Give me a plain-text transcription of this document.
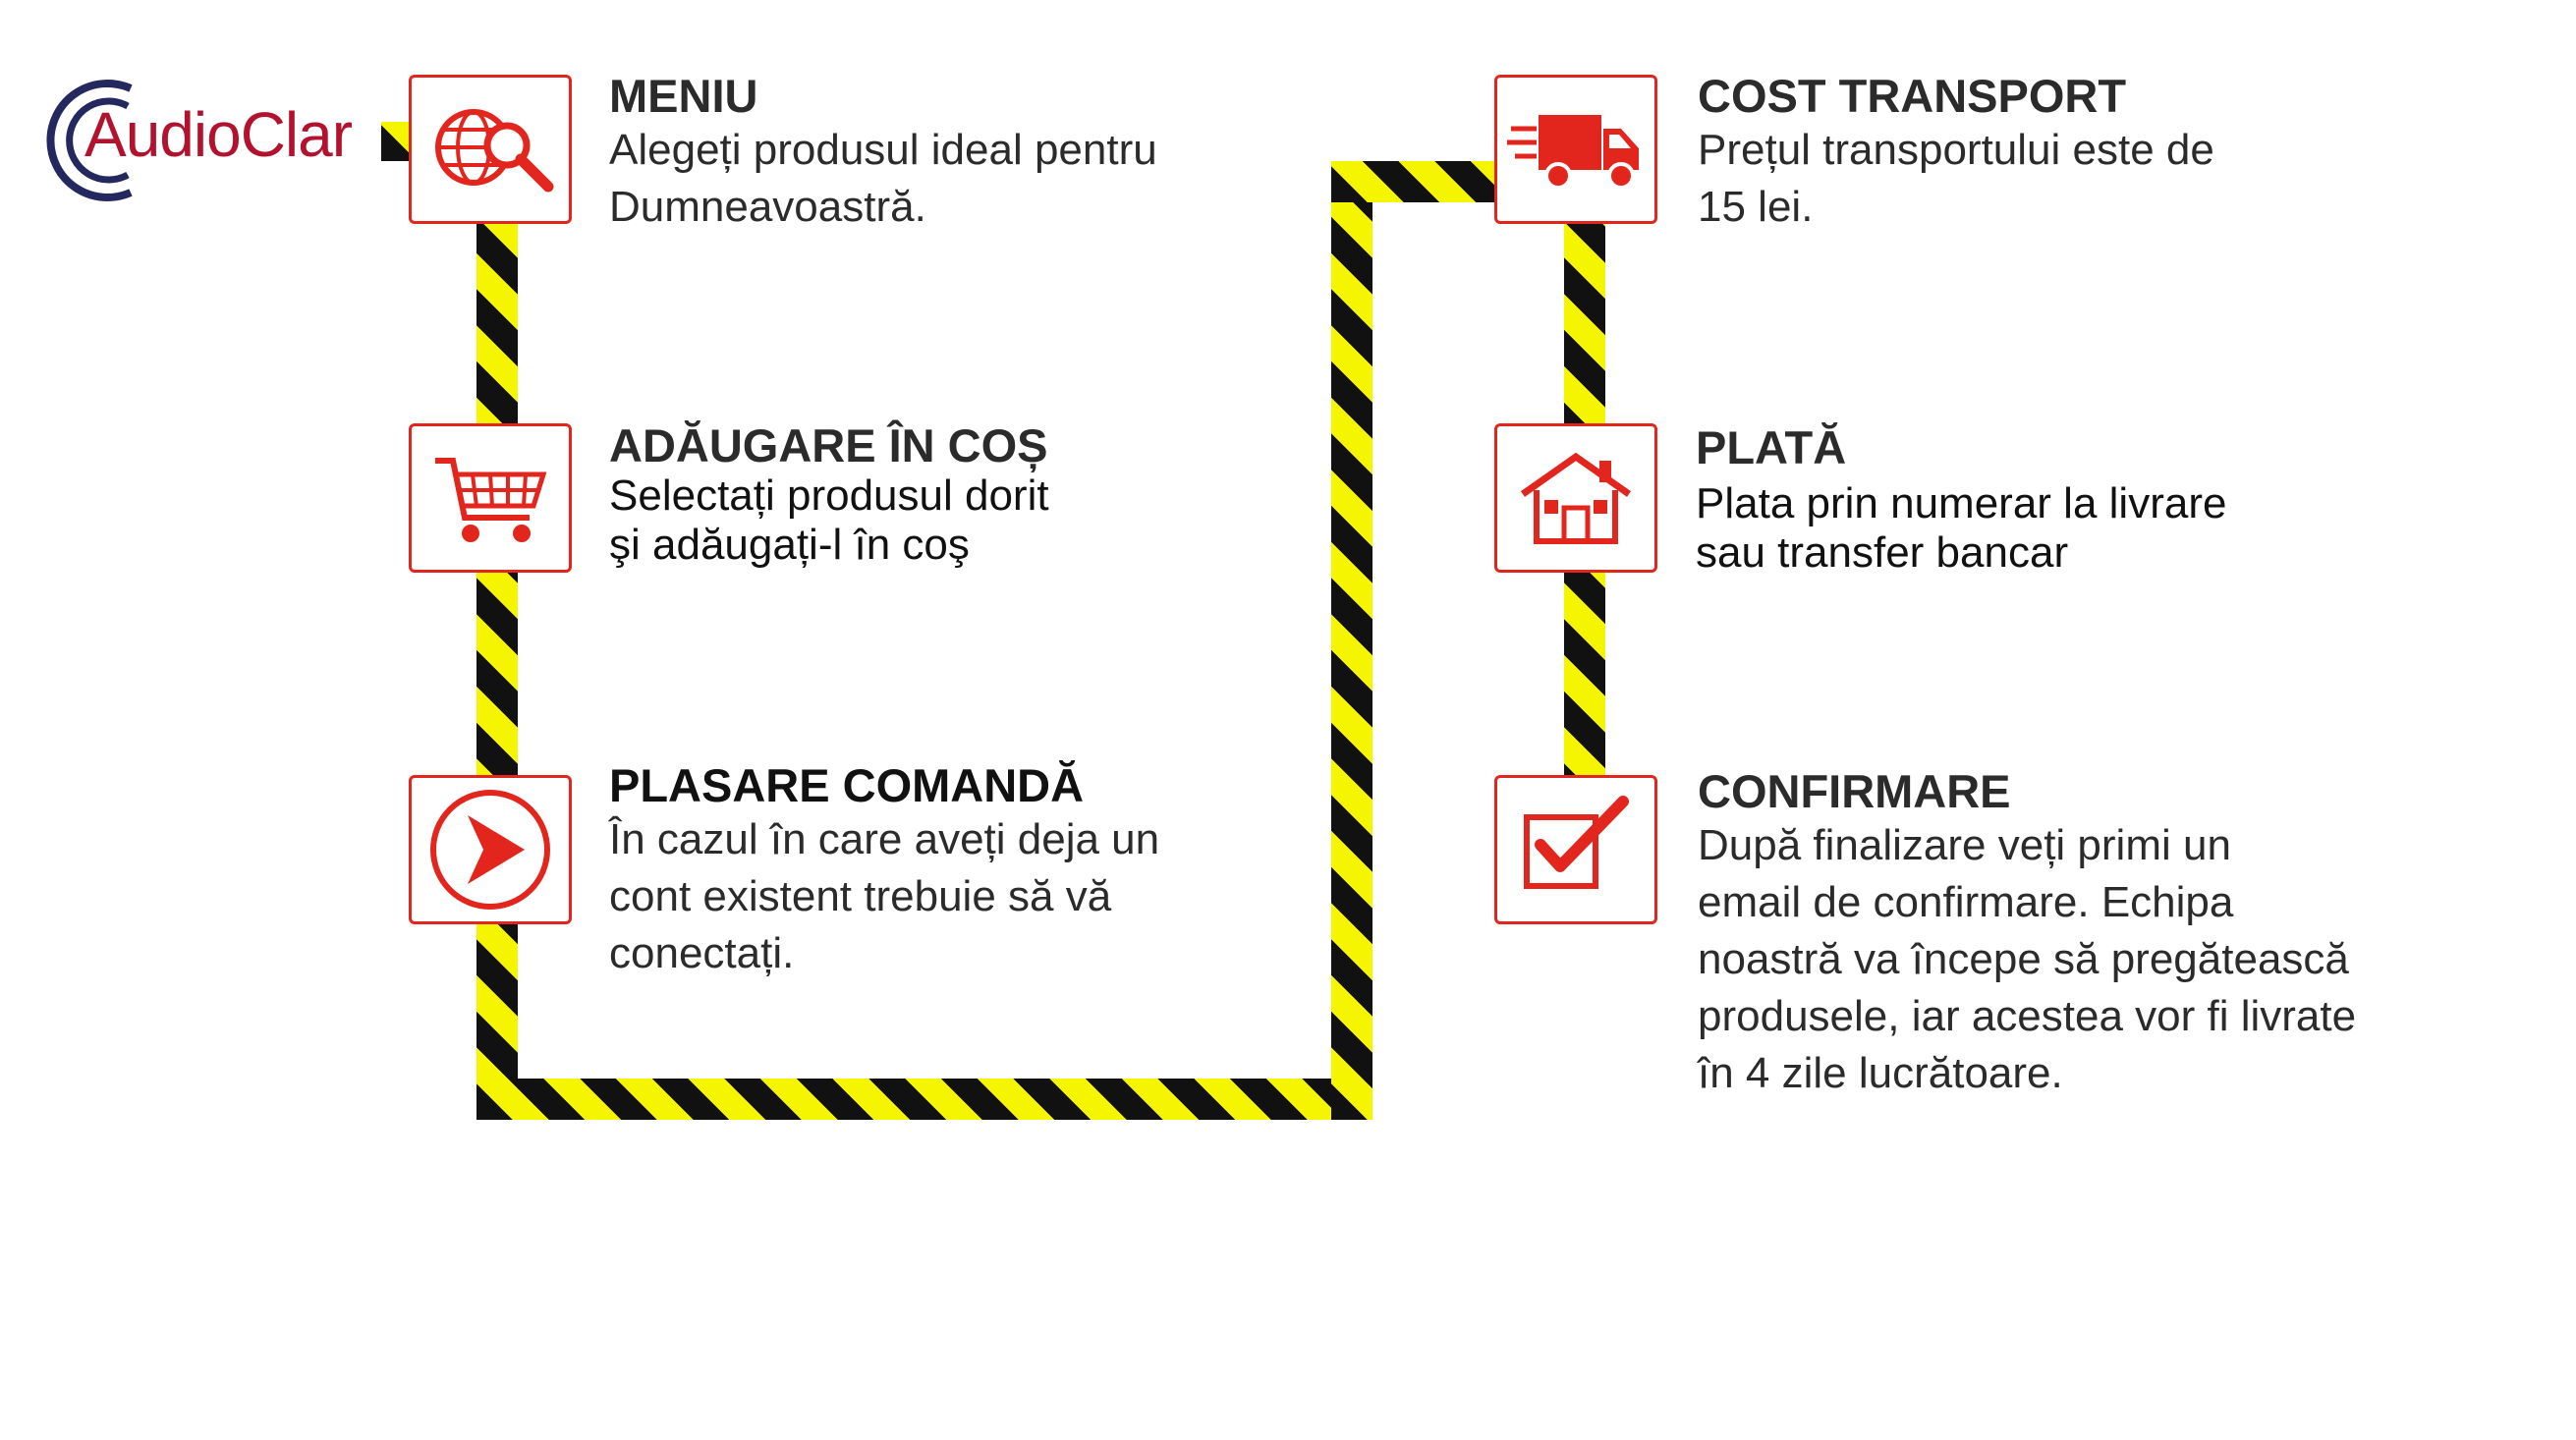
AudioClar
MENIU
Alegeți produsul ideal pentru
Dumneavoastră.
ADĂUGARE ÎN COȘ
Selectați produsul dorit
şi adăugați-l în coş
PLASARE COMANDĂ
În cazul în care aveți deja un
cont existent trebuie să vă
conectați.
COST TRANSPORT
Prețul transportului este de
15 lei.
PLATĂ
Plata prin numerar la livrare
sau transfer bancar
CONFIRMARE
După finalizare veți primi un
email de confirmare. Echipa
noastră va începe să pregătească
produsele, iar acestea vor fi livrate
în 4 zile lucrătoare.
